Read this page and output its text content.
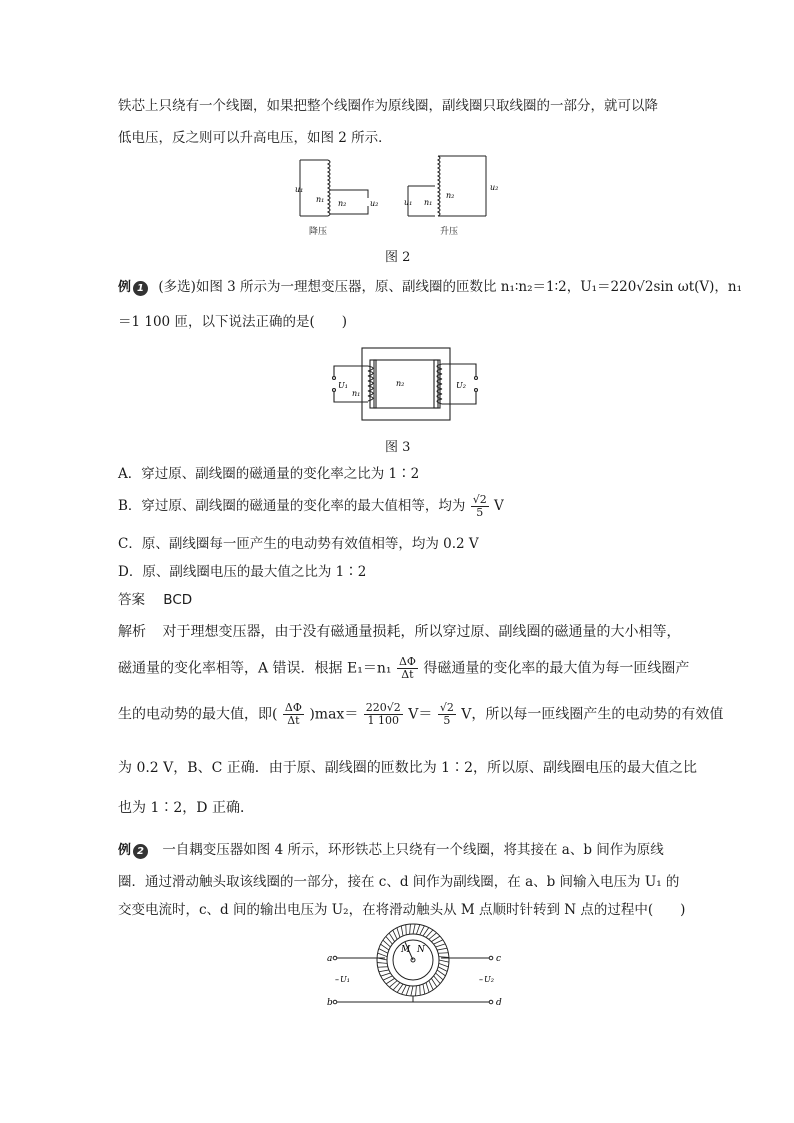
铁芯上只绕有一个线圈，如果把整个线圈作为原线圈，副线圈只取线圈的一部分，就可以降
低电压，反之则可以升高电压，如图 2 所示．
u₁
n₁ n₂	u₂	u₁ n₁
n₂
u₂
降压	升压
图 2
例 1 (多选)如图 3 所示为一理想变压器，原、副线圈的匝数比 n₁∶n₂＝1∶2，U₁＝220√2sin ωt(V)，n₁
＝1 100 匝，以下说法正确的是(　　)
U₁
n₁
n₂	U₂
图 3
A．穿过原、副线圈的磁通量的变化率之比为 1∶2
B．穿过原、副线圈的磁通量的变化率的最大值相等，均为 $\frac{√2}{5}$ V
C．原、副线圈每一匝产生的电动势有效值相等，均为 0.2 V
D．原、副线圈电压的最大值之比为 1∶2
答案 BCD
解析 对于理想变压器，由于没有磁通量损耗，所以穿过原、副线圈的磁通量的大小相等，
磁通量的变化率相等，A 错误．根据 $E_1=n_1 \frac{\Delta\Phi}{\Delta t}$ 得磁通量的变化率的最大值为每一匝线圈产
生的电动势的最大值，即( $\frac{\Delta\Phi}{\Delta t} )\max= \frac{220√2}{1 100} V= \frac{√2}{5}$ V，所以每一匝线圈产生的电动势的有效值
为 0.2 V，B、C 正确．由于原、副线圈的匝数比为 1∶2，所以原、副线圈电压的最大值之比
也为 1∶2，D 正确．
例 2 一自耦变压器如图 4 所示，环形铁芯上只绕有一个线圈，将其接在 a、b 间作为原线
圈．通过滑动触头取该线圈的一部分，接在 c、d 间作为副线圈，在 a、b 间输入电压为 U₁ 的
交变电流时，c、d 间的输出电压为 U₂，在将滑动触头从 M 点顺时针转到 N 点的过程中(　　)
a
b
c
d
M N
– U₁	– U₂
